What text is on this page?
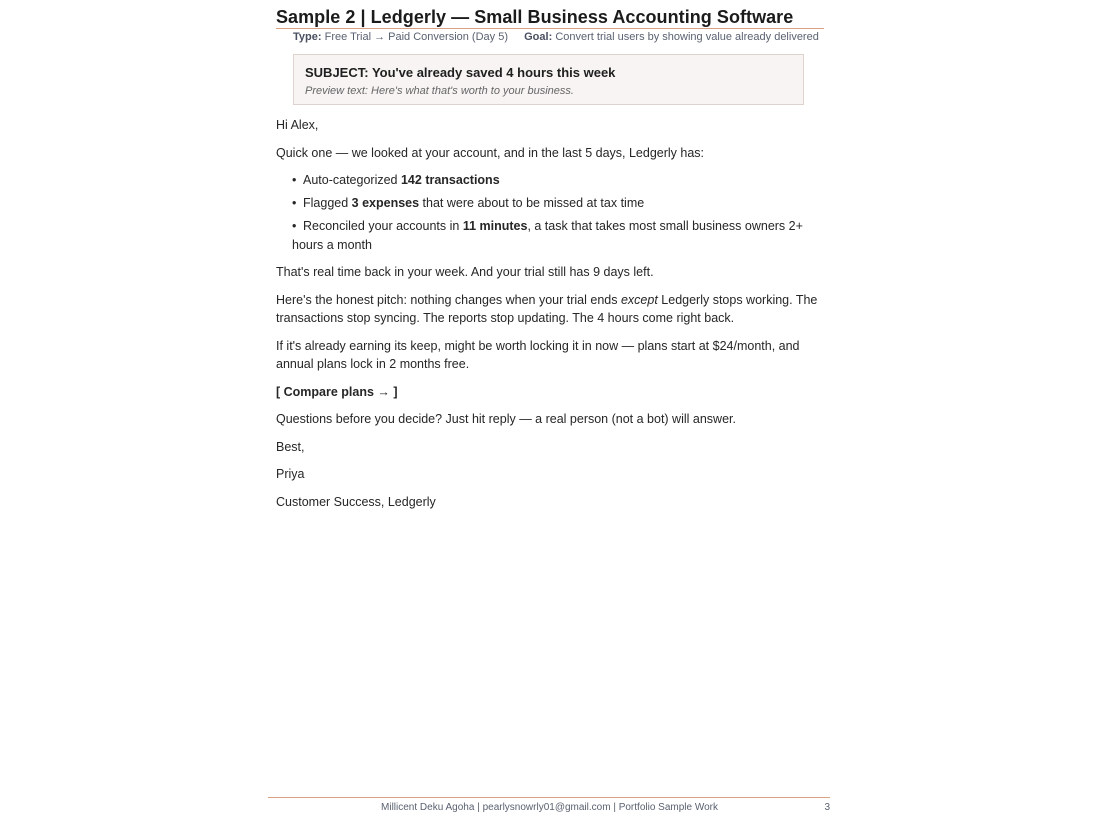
Sample 2 | Ledgerly — Small Business Accounting Software
Type: Free Trial → Paid Conversion (Day 5) Goal: Convert trial users by showing value already delivered
SUBJECT: You've already saved 4 hours this week
Preview text: Here's what that's worth to your business.

Hi Alex,

Quick one — we looked at your account, and in the last 5 days, Ledgerly has:

• Auto-categorized 142 transactions
• Flagged 3 expenses that were about to be missed at tax time
• Reconciled your accounts in 11 minutes, a task that takes most small business owners 2+ hours a month

That's real time back in your week. And your trial still has 9 days left.

Here's the honest pitch: nothing changes when your trial ends except Ledgerly stops working. The transactions stop syncing. The reports stop updating. The 4 hours come right back.

If it's already earning its keep, might be worth locking it in now — plans start at $24/month, and annual plans lock in 2 months free.

[ Compare plans → ]

Questions before you decide? Just hit reply — a real person (not a bot) will answer.

Best,

Priya

Customer Success, Ledgerly

Millicent Deku Agoha | pearlysnowrly01@gmail.com | Portfolio Sample Work	3
